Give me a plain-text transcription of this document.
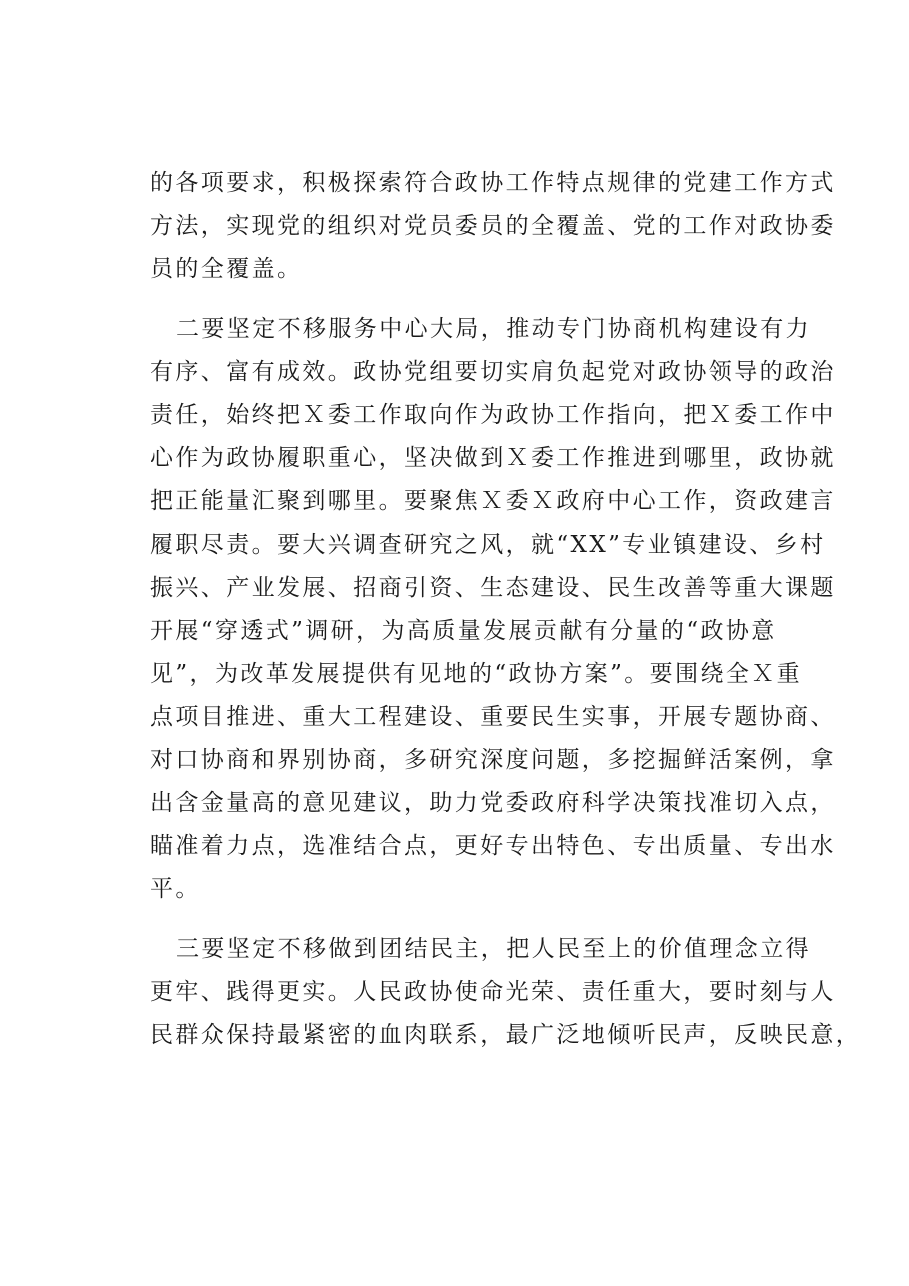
的各项要求，积极探索符合政协工作特点规律的党建工作方式
方法，实现党的组织对党员委员的全覆盖、党的工作对政协委
员的全覆盖。
二要坚定不移服务中心大局，推动专门协商机构建设有力
有序、富有成效。政协党组要切实肩负起党对政协领导的政治
责任，始终把Ｘ委工作取向作为政协工作指向，把Ｘ委工作中
心作为政协履职重心，坚决做到Ｘ委工作推进到哪里，政协就
把正能量汇聚到哪里。要聚焦Ｘ委Ｘ政府中心工作，资政建言
履职尽责。要大兴调查研究之风，就“XX”专业镇建设、乡村
振兴、产业发展、招商引资、生态建设、民生改善等重大课题
开展“穿透式”调研，为高质量发展贡献有分量的“政协意
见”，为改革发展提供有见地的“政协方案”。要围绕全Ｘ重
点项目推进、重大工程建设、重要民生实事，开展专题协商、
对口协商和界别协商，多研究深度问题，多挖掘鲜活案例，拿
出含金量高的意见建议，助力党委政府科学决策找准切入点，
瞄准着力点，选准结合点，更好专出特色、专出质量、专出水
平。
三要坚定不移做到团结民主，把人民至上的价值理念立得
更牢、践得更实。人民政协使命光荣、责任重大，要时刻与人
民群众保持最紧密的血肉联系，最广泛地倾听民声，反映民意，
